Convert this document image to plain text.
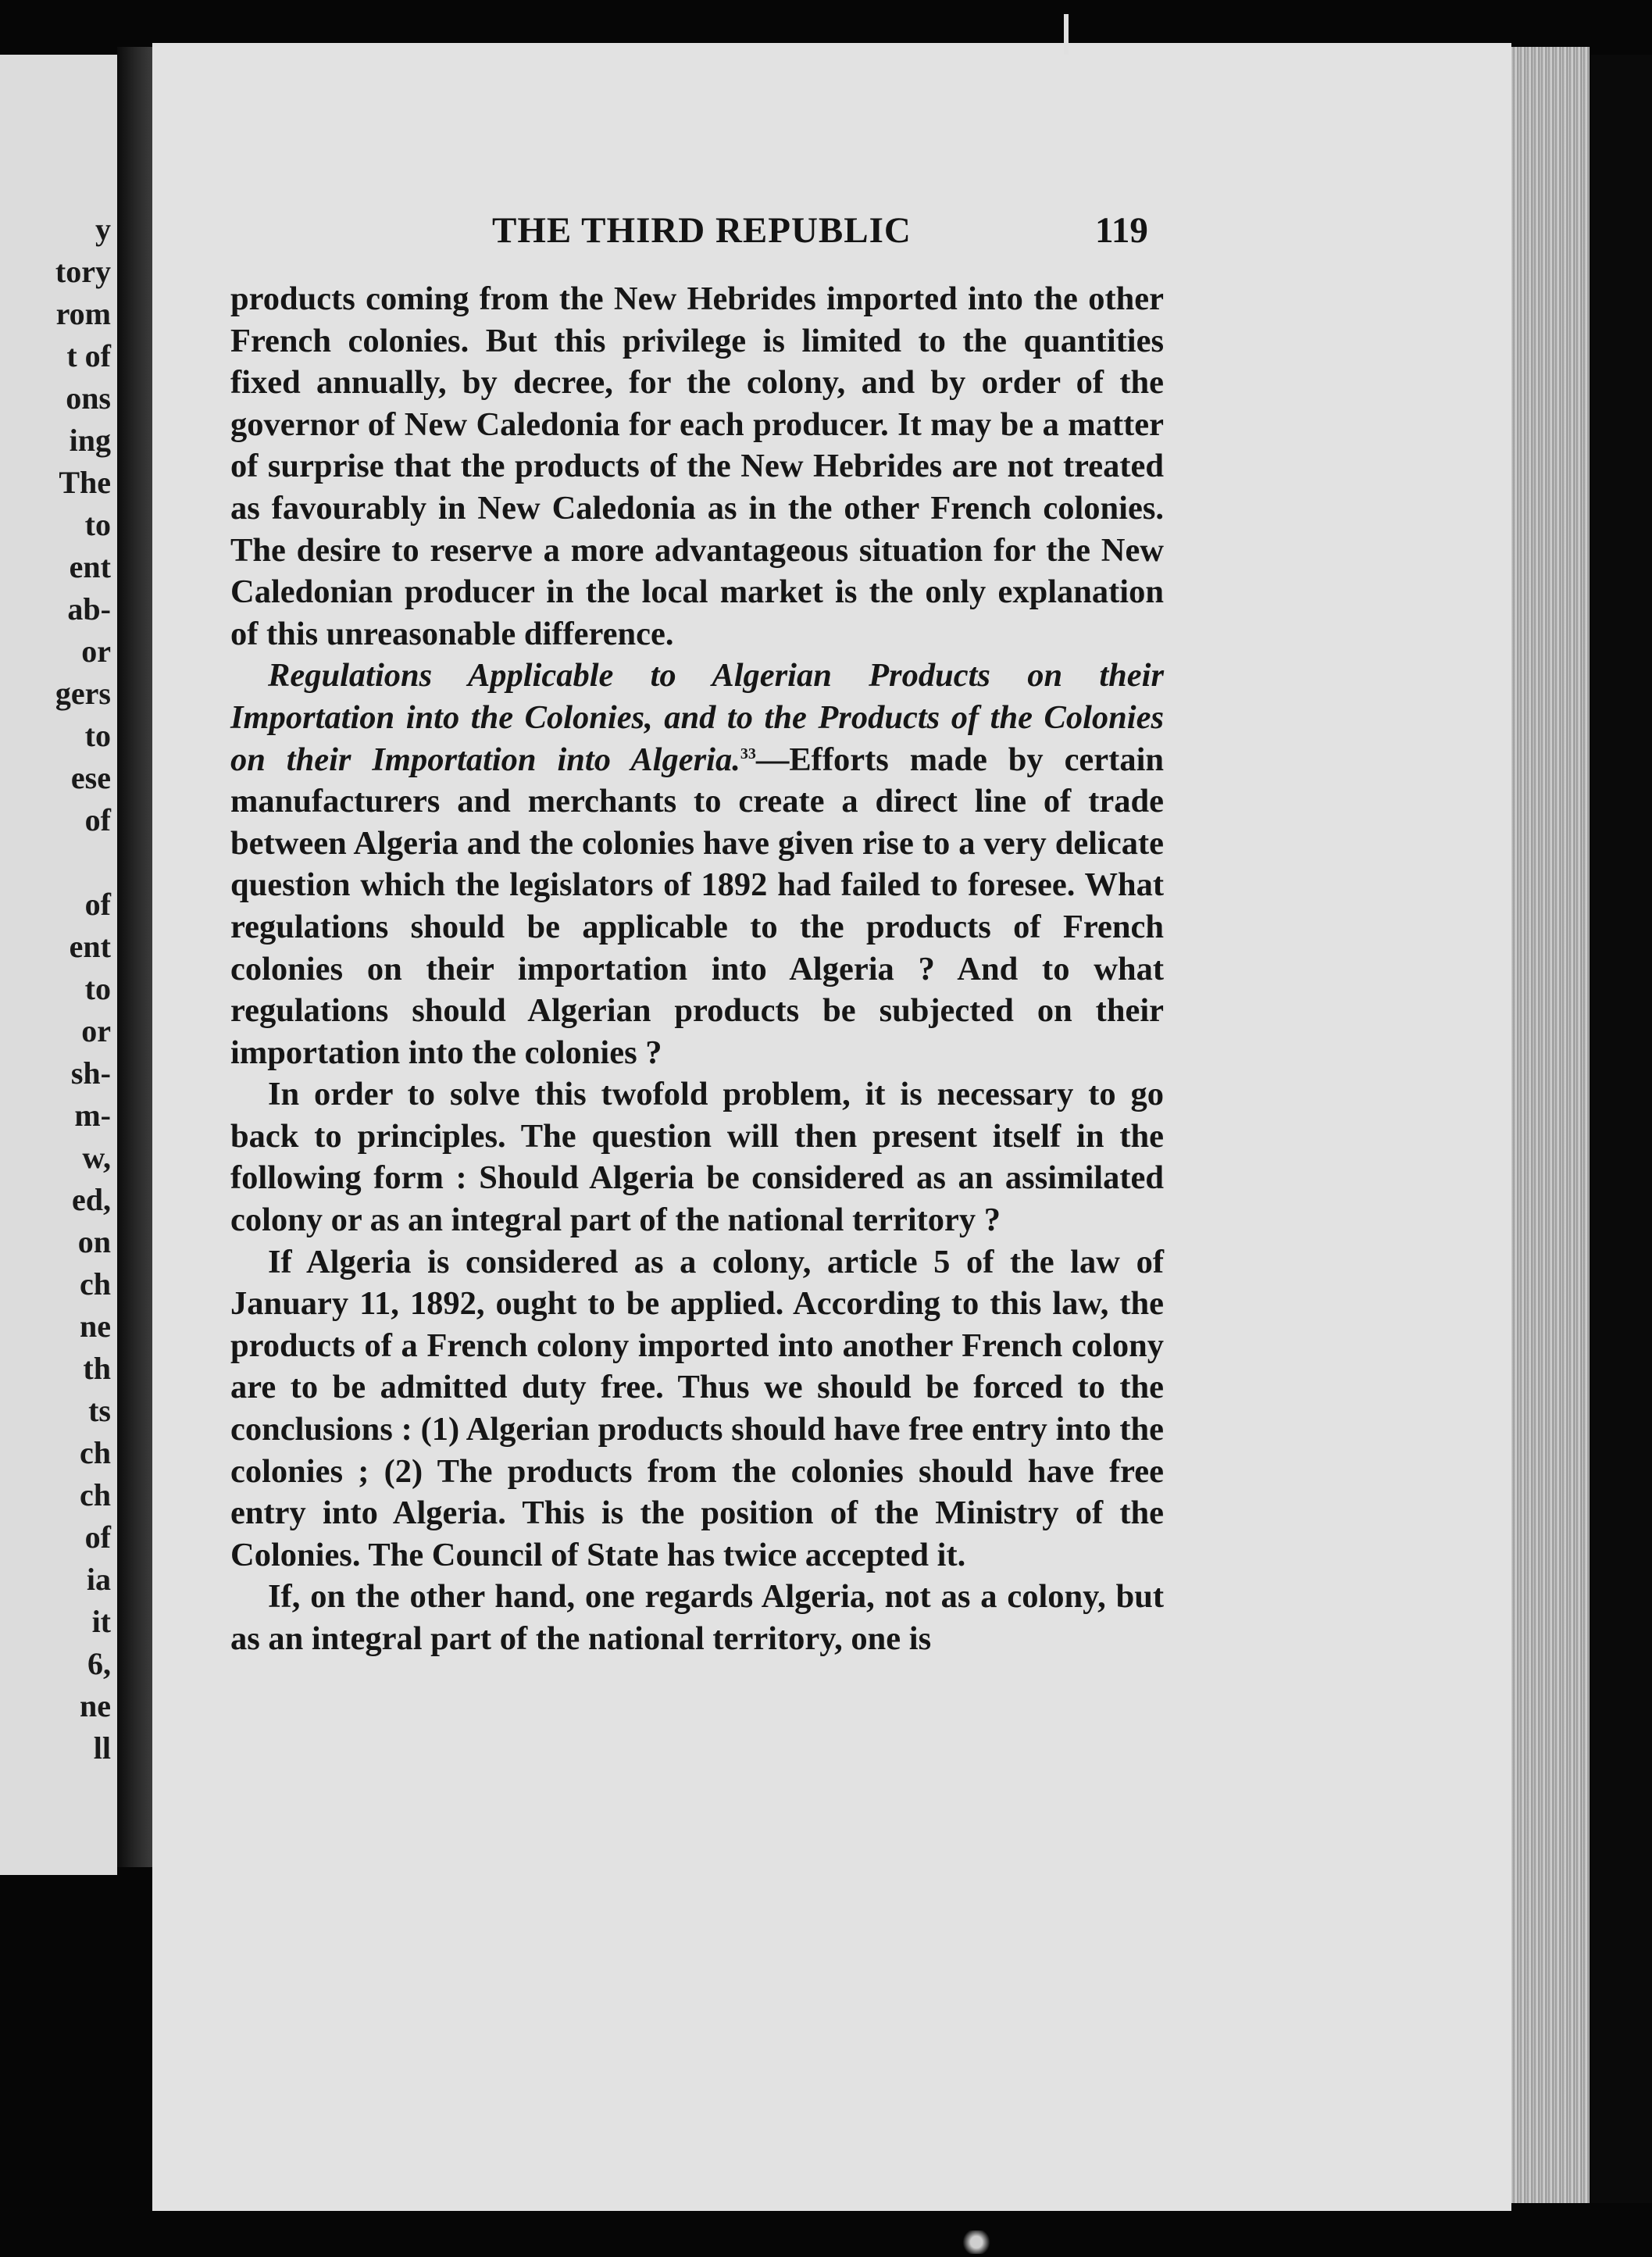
y
tory
rom
t of
ons
ing
The
to
ent
ab-
or
gers
to
ese
of
of
ent
to
or
sh-
m-
w,
ed,
on
ch
ne
th
ts
ch
ch
of
ia
it
6,
ne
ll
THE THIRD REPUBLIC	119

products coming from the New Hebrides imported into the other French colonies. But this privilege is limited to the quantities fixed annually, by decree, for the colony, and by order of the governor of New Caledonia for each producer. It may be a matter of surprise that the products of the New Hebrides are not treated as favourably in New Caledonia as in the other French colonies. The desire to reserve a more advantageous situation for the New Caledonian producer in the local market is the only explanation of this unreasonable difference.

Regulations Applicable to Algerian Products on their Importation into the Colonies, and to the Products of the Colonies on their Importation into Algeria.$^{33}$—Efforts made by certain manufacturers and merchants to create a direct line of trade between Algeria and the colonies have given rise to a very delicate question which the legislators of 1892 had failed to foresee. What regulations should be applicable to the products of French colonies on their importation into Algeria ? And to what regulations should Algerian products be subjected on their importation into the colonies ?

In order to solve this twofold problem, it is necessary to go back to principles. The question will then present itself in the following form : Should Algeria be considered as an assimilated colony or as an integral part of the national territory ?

If Algeria is considered as a colony, article 5 of the law of January 11, 1892, ought to be applied. According to this law, the products of a French colony imported into another French colony are to be admitted duty free. Thus we should be forced to the conclusions : (1) Algerian products should have free entry into the colonies ; (2) The products from the colonies should have free entry into Algeria. This is the position of the Ministry of the Colonies. The Council of State has twice accepted it.

If, on the other hand, one regards Algeria, not as a colony, but as an integral part of the national territory, one is
